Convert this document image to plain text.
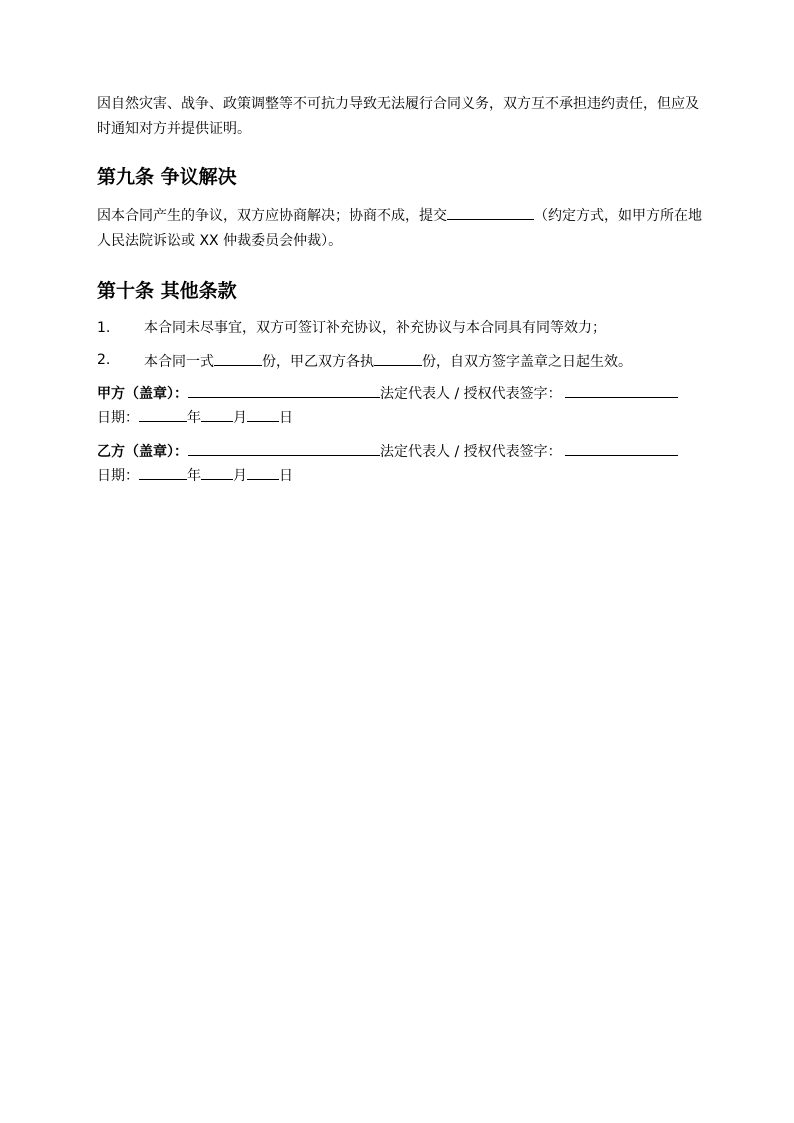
因自然灾害、战争、政策调整等不可抗力导致无法履行合同义务，双方互不承担违约责任，但应及时通知对方并提供证明。

第九条 争议解决

因本合同产生的争议，双方应协商解决；协商不成，提交	（约定方式，如甲方所在地人民法院诉讼或 XX 仲裁委员会仲裁）。

第十条 其他条款

1.	本合同未尽事宜，双方可签订补充协议，补充协议与本合同具有同等效力；

2.	本合同一式	份，甲乙双方各执	份，自双方签字盖章之日起生效。

甲方（盖章）：	法定代表人 / 授权代表签字：

日期：	年 月 日

乙方（盖章）：	法定代表人 / 授权代表签字：

日期：	年 月 日
